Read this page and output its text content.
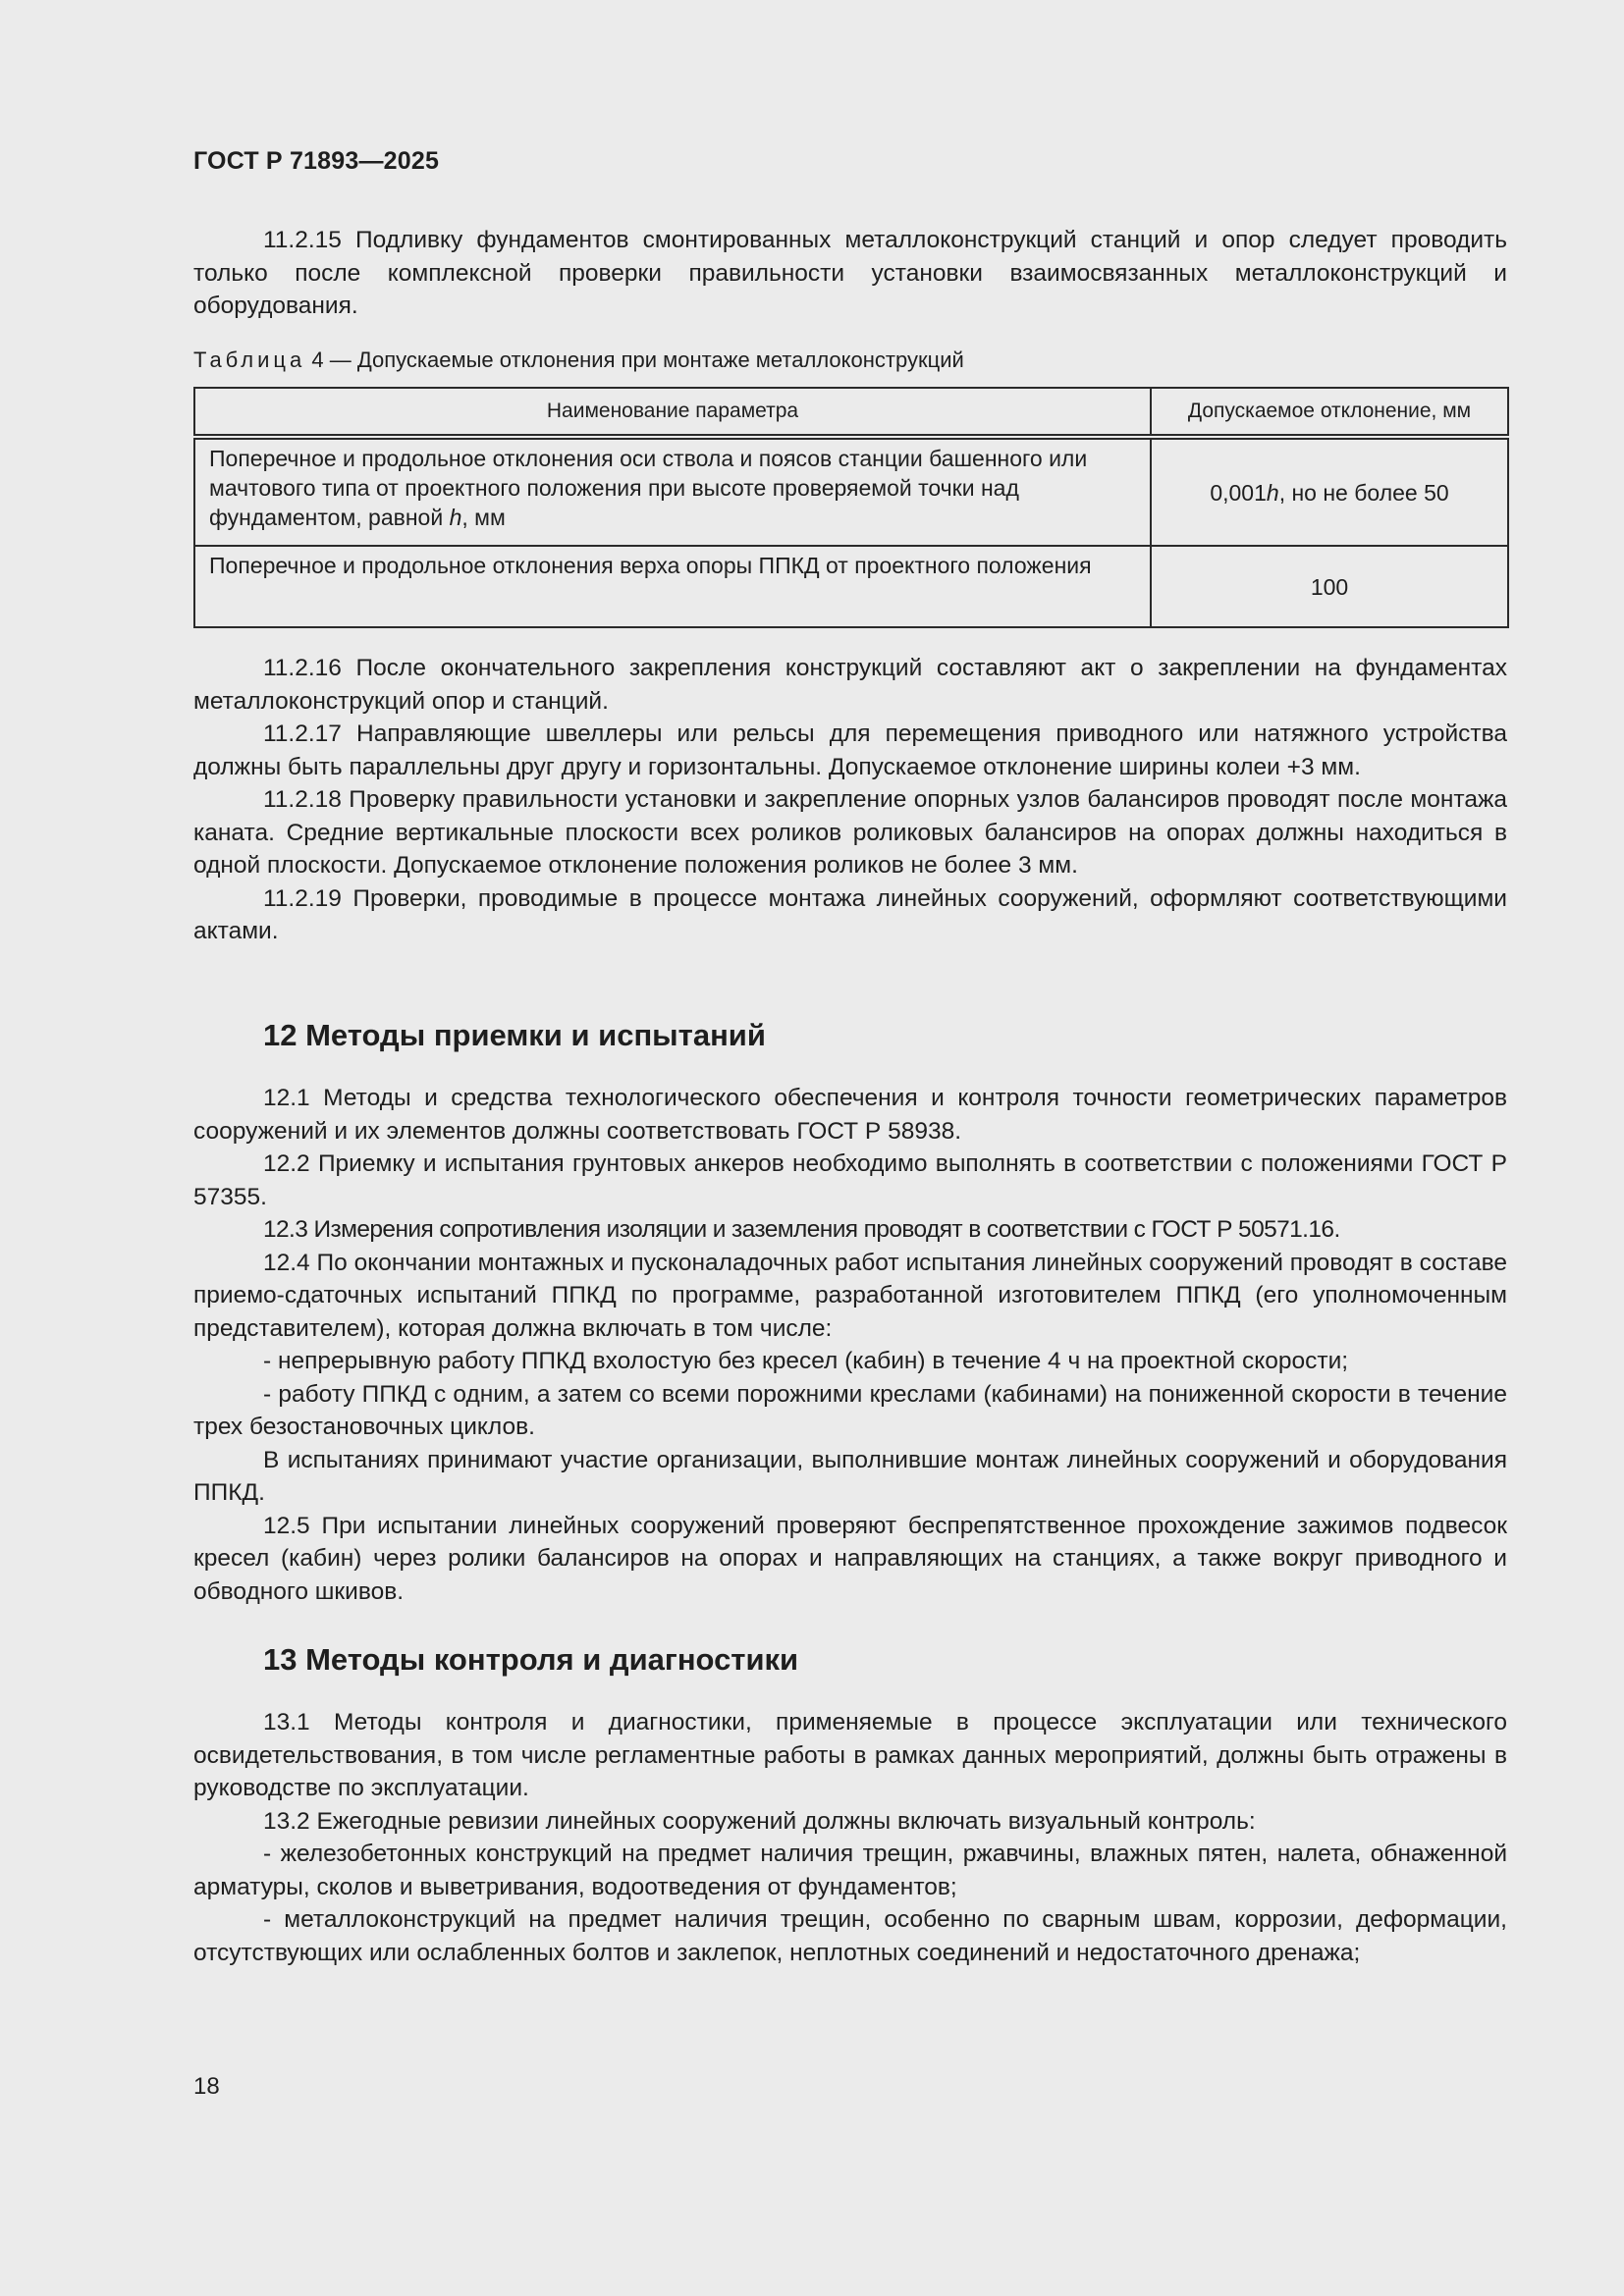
ГОСТ Р 71893—2025

11.2.15 Подливку фундаментов смонтированных металлоконструкций станций и опор следует проводить только после комплексной проверки правильности установки взаимосвязанных металлоконструкций и оборудования.

Таблица 4 — Допускаемые отклонения при монтаже металлоконструкций
Наименование параметра	Допускаемое отклонение, мм
Поперечное и продольное отклонения оси ствола и поясов станции башенного или мачтового типа от проектного положения при высоте проверяемой точки над фундаментом, равной h, мм	0,001h, но не более 50
Поперечное и продольное отклонения верха опоры ППКД от проектного положения	100

11.2.16 После окончательного закрепления конструкций составляют акт о закреплении на фундаментах металлоконструкций опор и станций.

11.2.17 Направляющие швеллеры или рельсы для перемещения приводного или натяжного устройства должны быть параллельны друг другу и горизонтальны. Допускаемое отклонение ширины колеи +3 мм.

11.2.18 Проверку правильности установки и закрепление опорных узлов балансиров проводят после монтажа каната. Средние вертикальные плоскости всех роликов роликовых балансиров на опорах должны находиться в одной плоскости. Допускаемое отклонение положения роликов не более 3 мм.

11.2.19 Проверки, проводимые в процессе монтажа линейных сооружений, оформляют соответствующими актами.

12 Методы приемки и испытаний

12.1 Методы и средства технологического обеспечения и контроля точности геометрических параметров сооружений и их элементов должны соответствовать ГОСТ Р 58938.

12.2 Приемку и испытания грунтовых анкеров необходимо выполнять в соответствии с положениями ГОСТ Р 57355.

12.3 Измерения сопротивления изоляции и заземления проводят в соответствии с ГОСТ Р 50571.16.

12.4 По окончании монтажных и пусконаладочных работ испытания линейных сооружений проводят в составе приемо-сдаточных испытаний ППКД по программе, разработанной изготовителем ППКД (его уполномоченным представителем), которая должна включать в том числе:

- непрерывную работу ППКД вхолостую без кресел (кабин) в течение 4 ч на проектной скорости;

- работу ППКД с одним, а затем со всеми порожними креслами (кабинами) на пониженной скорости в течение трех безостановочных циклов.

В испытаниях принимают участие организации, выполнившие монтаж линейных сооружений и оборудования ППКД.

12.5 При испытании линейных сооружений проверяют беспрепятственное прохождение зажимов подвесок кресел (кабин) через ролики балансиров на опорах и направляющих на станциях, а также вокруг приводного и обводного шкивов.

13 Методы контроля и диагностики

13.1 Методы контроля и диагностики, применяемые в процессе эксплуатации или технического освидетельствования, в том числе регламентные работы в рамках данных мероприятий, должны быть отражены в руководстве по эксплуатации.

13.2 Ежегодные ревизии линейных сооружений должны включать визуальный контроль:

- железобетонных конструкций на предмет наличия трещин, ржавчины, влажных пятен, налета, обнаженной арматуры, сколов и выветривания, водоотведения от фундаментов;

- металлоконструкций на предмет наличия трещин, особенно по сварным швам, коррозии, деформации, отсутствующих или ослабленных болтов и заклепок, неплотных соединений и недостаточного дренажа;

18
